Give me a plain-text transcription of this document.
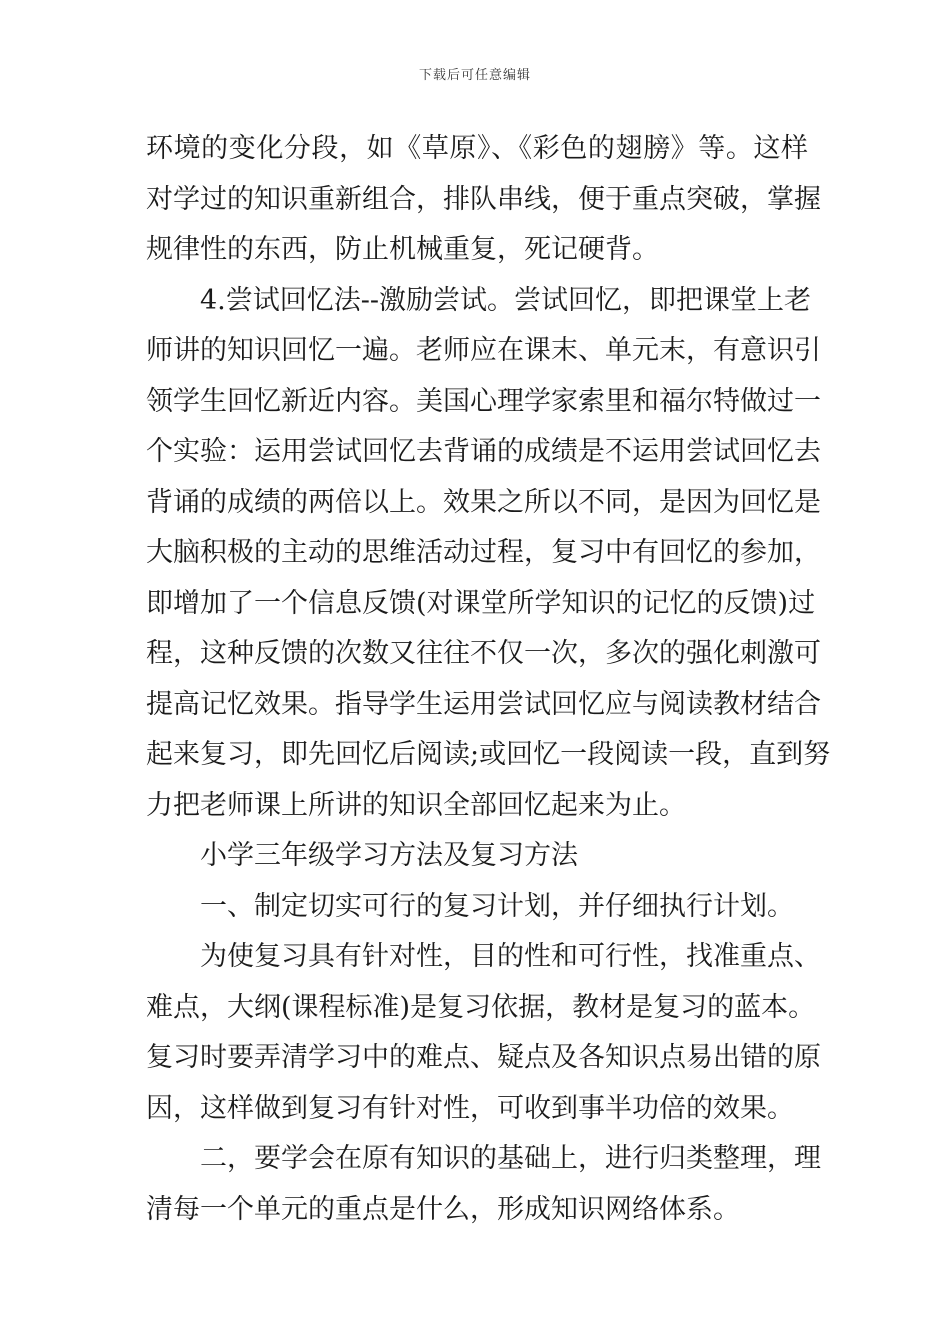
下载后可任意编辑
环境的变化分段，如《草原》、《彩色的翅膀》等。这样
对学过的知识重新组合，排队串线，便于重点突破，掌握
规律性的东西，防止机械重复，死记硬背。
4.尝试回忆法--激励尝试。尝试回忆，即把课堂上老
师讲的知识回忆一遍。老师应在课末、单元末，有意识引
领学生回忆新近内容。美国心理学家索里和福尔特做过一
个实验：运用尝试回忆去背诵的成绩是不运用尝试回忆去
背诵的成绩的两倍以上。效果之所以不同，是因为回忆是
大脑积极的主动的思维活动过程，复习中有回忆的参加，
即增加了一个信息反馈(对课堂所学知识的记忆的反馈)过
程，这种反馈的次数又往往不仅一次，多次的强化刺激可
提高记忆效果。指导学生运用尝试回忆应与阅读教材结合
起来复习，即先回忆后阅读;或回忆一段阅读一段，直到努
力把老师课上所讲的知识全部回忆起来为止。
小学三年级学习方法及复习方法
一、制定切实可行的复习计划，并仔细执行计划。
为使复习具有针对性，目的性和可行性，找准重点、
难点，大纲(课程标准)是复习依据，教材是复习的蓝本。
复习时要弄清学习中的难点、疑点及各知识点易出错的原
因，这样做到复习有针对性，可收到事半功倍的效果。
二，要学会在原有知识的基础上，进行归类整理，理
清每一个单元的重点是什么，形成知识网络体系。
